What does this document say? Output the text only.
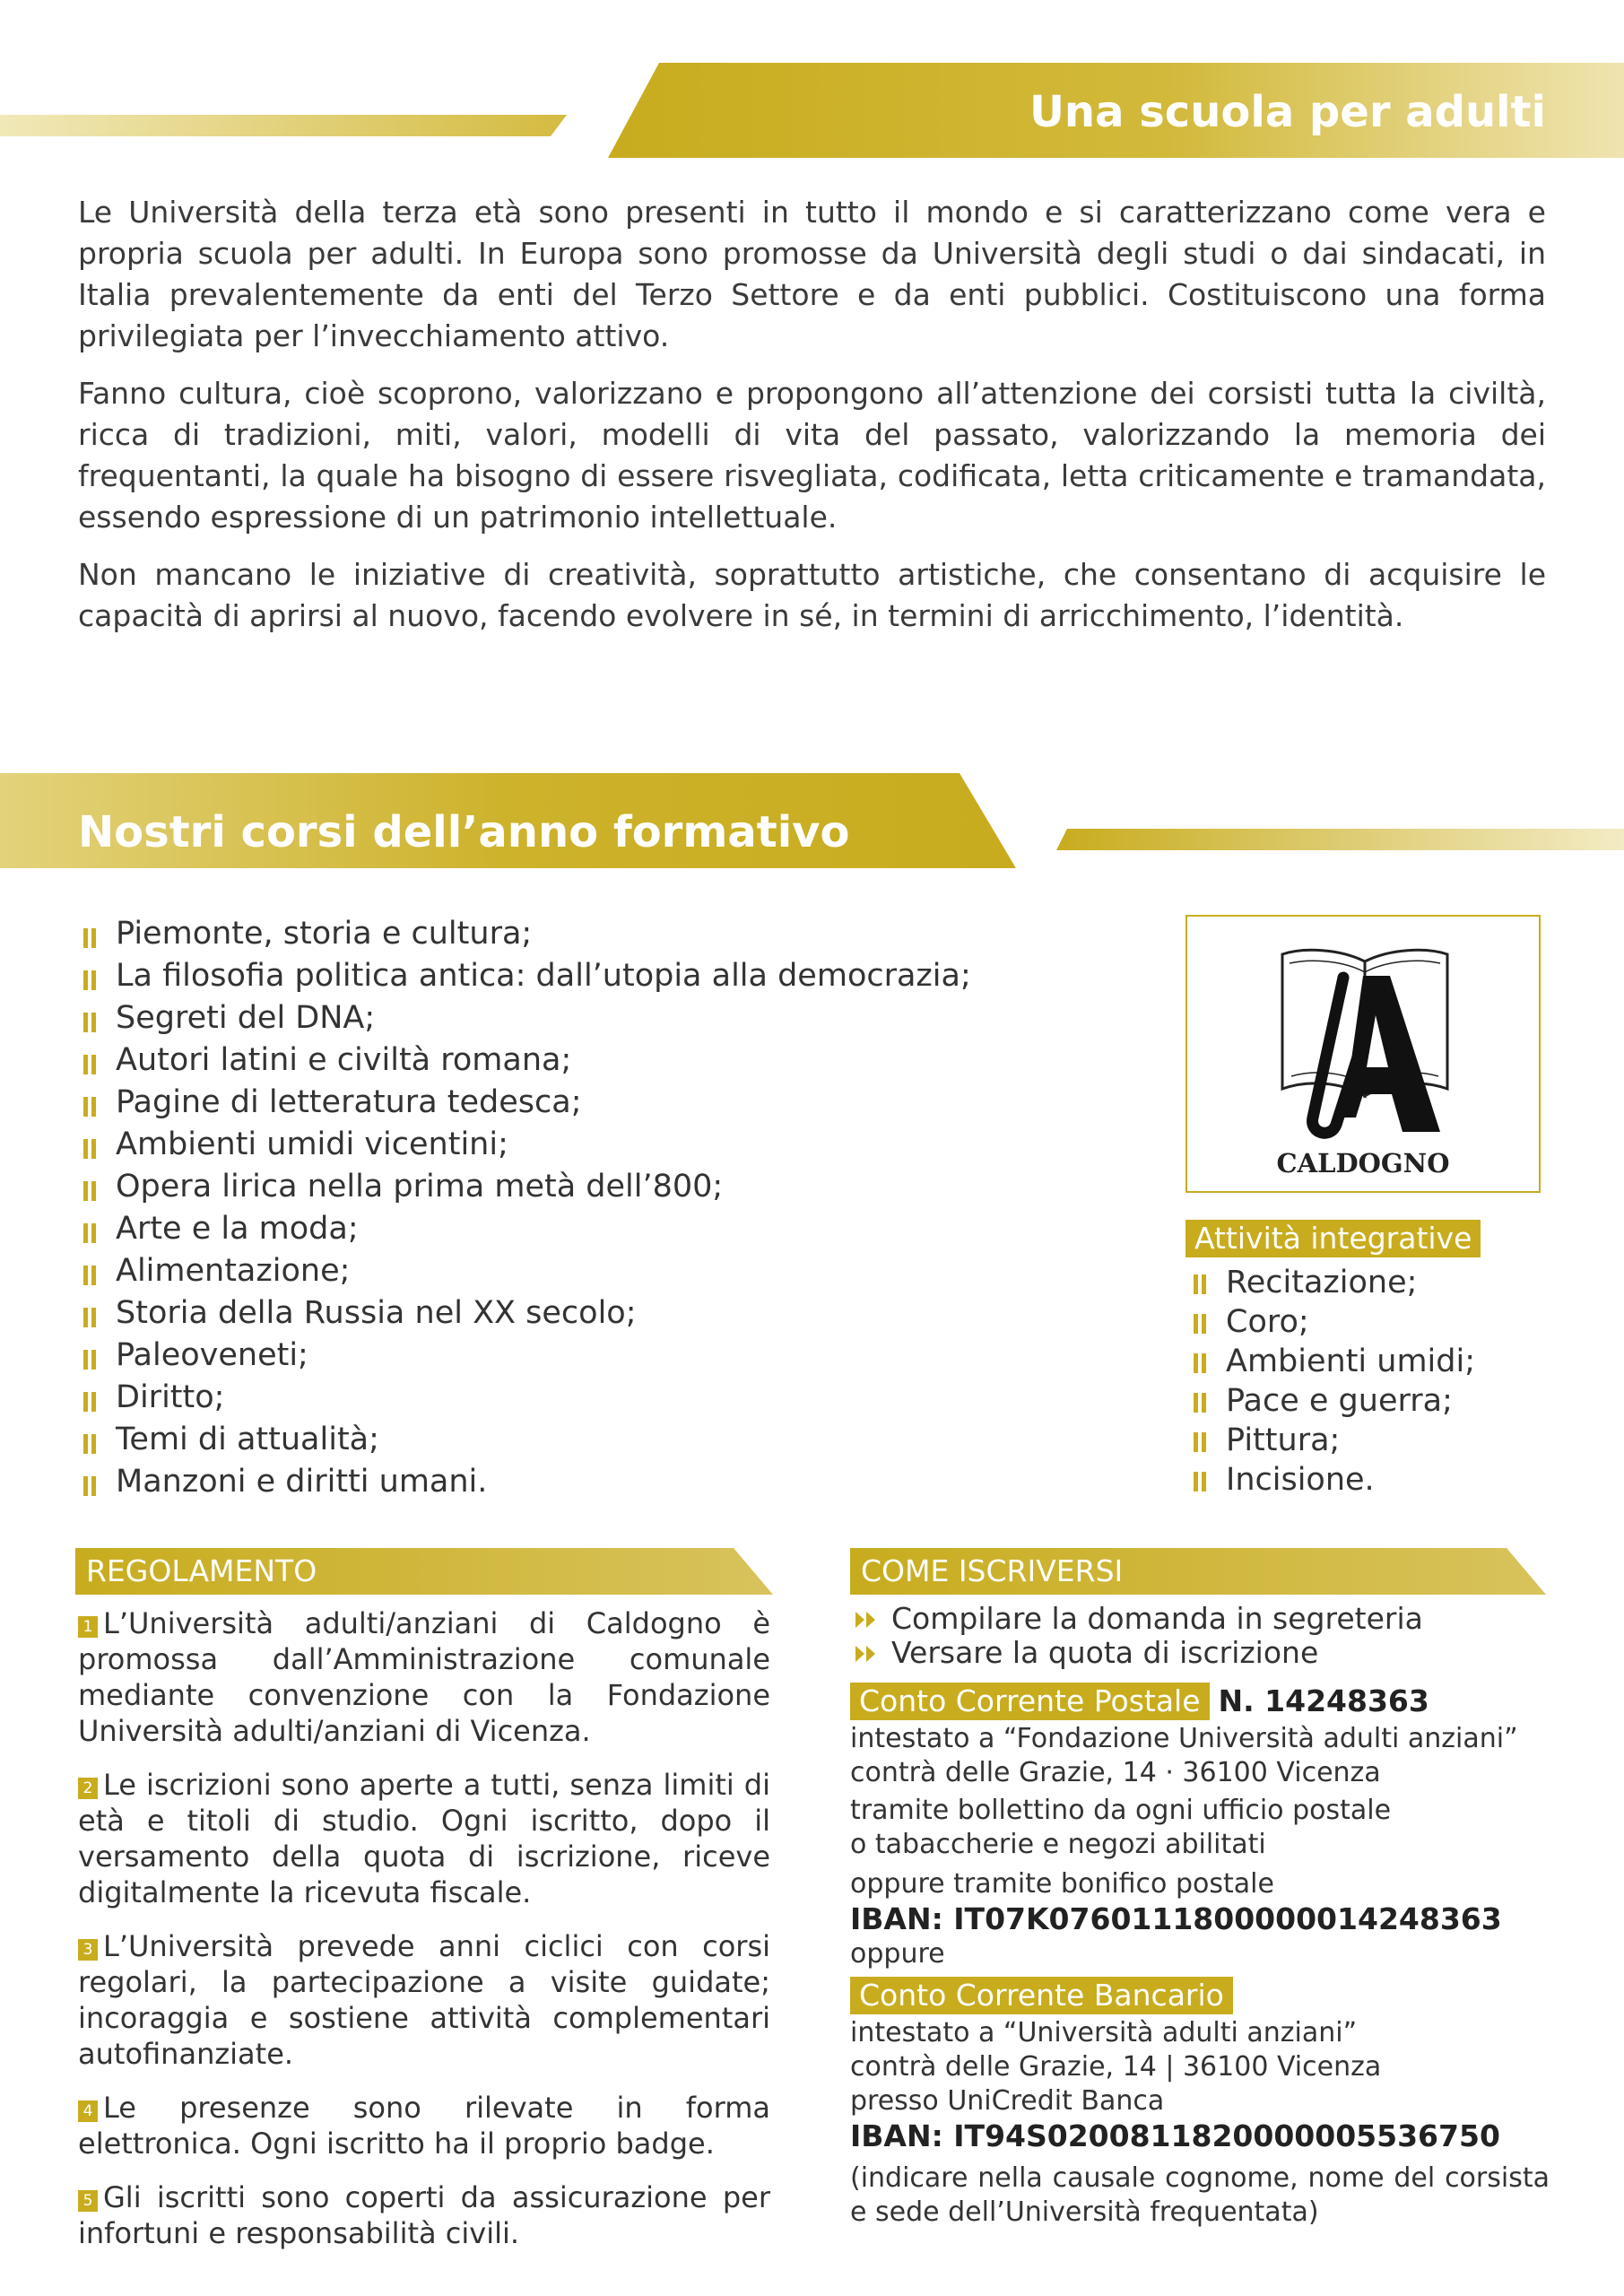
Una scuola per adulti
Nostri corsi dell’anno formativo

Le Università della terza età sono presenti in tutto il mondo e si caratterizzano come vera e propria scuola per adulti. In Europa sono promosse da Università degli studi o dai sindacati, in Italia prevalentemente da enti del Terzo Settore e da enti pubblici. Costituiscono una forma privilegiata per l’invecchiamento attivo.

Fanno cultura, cioè scoprono, valorizzano e propongono all’attenzione dei corsisti tutta la civiltà, ricca di tradizioni, miti, valori, modelli di vita del passato, valorizzando la memoria dei frequentanti, la quale ha bisogno di essere risvegliata, codificata, letta criticamente e tramandata, essendo espressione di un patrimonio intellettuale.

Non mancano le iniziative di creatività, soprattutto artistiche, che consentano di acquisire le capacità di aprirsi al nuovo, facendo evolvere in sé, in termini di arricchimento, l’identità.

Piemonte, storia e cultura;
La filosofia politica antica: dall’utopia alla democrazia;
Segreti del DNA;
Autori latini e civiltà romana;
Pagine di letteratura tedesca;
Ambienti umidi vicentini;
Opera lirica nella prima metà dell’800;
Arte e la moda;
Alimentazione;
Storia della Russia nel XX secolo;
Paleoveneti;
Diritto;
Temi di attualità;
Manzoni e diritti umani.
CALDOGNO
Attività integrative
Recitazione;
Coro;
Ambienti umidi;
Pace e guerra;
Pittura;
Incisione.
REGOLAMENTO

1 L’Università adulti/anziani di Caldogno è promossa dall’Amministrazione comunale mediante convenzione con la Fondazione Università adulti/anziani di Vicenza.

2 Le iscrizioni sono aperte a tutti, senza limiti di età e titoli di studio. Ogni iscritto, dopo il versamento della quota di iscrizione, riceve digitalmente la ricevuta fiscale.

3 L’Università prevede anni ciclici con corsi regolari, la partecipazione a visite guidate; incoraggia e sostiene attività complementari autofinanziate.

4 Le presenze sono rilevate in forma elettronica. Ogni iscritto ha il proprio badge.

5 Gli iscritti sono coperti da assicurazione per infortuni e responsabilità civili.

COME ISCRIVERSI
Compilare la domanda in segreteria
Versare la quota di iscrizione
Conto Corrente Postale N. 14248363
intestato a “Fondazione Università adulti anziani”
contrà delle Grazie, 14 · 36100 Vicenza
tramite bollettino da ogni ufficio postale
o tabaccherie e negozi abilitati
oppure tramite bonifico postale
IBAN: IT07K0760111800000014248363
oppure
Conto Corrente Bancario
intestato a “Università adulti anziani”
contrà delle Grazie, 14 | 36100 Vicenza
presso UniCredit Banca
IBAN: IT94S0200811820000005536750
(indicare nella causale cognome, nome del corsista e sede dell’Università frequentata)
